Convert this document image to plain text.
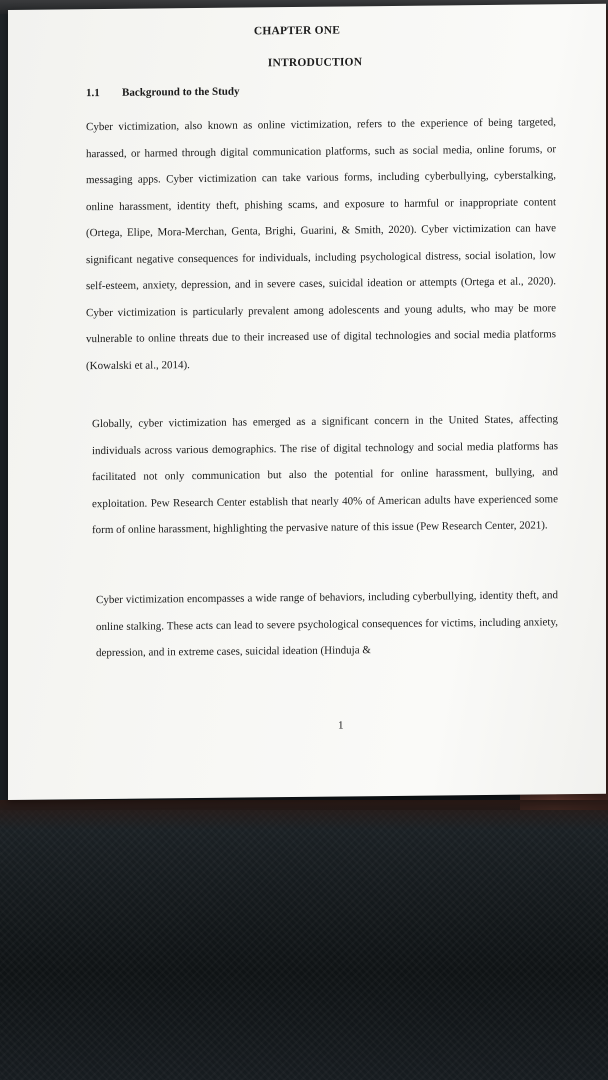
CHAPTER ONE
INTRODUCTION
1.1 Background to the Study

Cyber victimization, also known as online victimization, refers to the experience of being targeted, harassed, or harmed through digital communication platforms, such as social media, online forums, or messaging apps. Cyber victimization can take various forms, including cyberbullying, cyberstalking, online harassment, identity theft, phishing scams, and exposure to harmful or inappropriate content (Ortega, Elipe, Mora-Merchan, Genta, Brighi, Guarini, & Smith, 2020). Cyber victimization can have significant negative consequences for individuals, including psychological distress, social isolation, low self-esteem, anxiety, depression, and in severe cases, suicidal ideation or attempts (Ortega et al., 2020). Cyber victimization is particularly prevalent among adolescents and young adults, who may be more vulnerable to online threats due to their increased use of digital technologies and social media platforms (Kowalski et al., 2014).

Globally, cyber victimization has emerged as a significant concern in the United States, affecting individuals across various demographics. The rise of digital technology and social media platforms has facilitated not only communication but also the potential for online harassment, bullying, and exploitation. Pew Research Center establish that nearly 40% of American adults have experienced some form of online harassment, highlighting the pervasive nature of this issue (Pew Research Center, 2021).

Cyber victimization encompasses a wide range of behaviors, including cyberbullying, identity theft, and online stalking. These acts can lead to severe psychological consequences for victims, including anxiety, depression, and in extreme cases, suicidal ideation (Hinduja &

1
